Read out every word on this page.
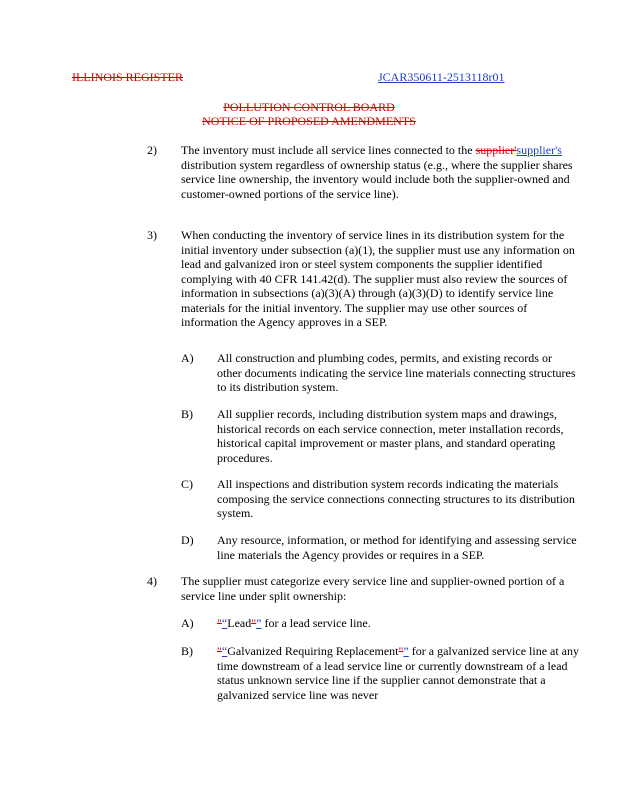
ILLINOIS REGISTER	JCAR350611-2513118r01
POLLUTION CONTROL BOARD
NOTICE OF PROPOSED AMENDMENTS
2) The inventory must include all service lines connected to the supplier'supplier's distribution system regardless of ownership status (e.g., where the supplier shares service line ownership, the inventory would include both the supplier-owned and customer-owned portions of the service line).
3) When conducting the inventory of service lines in its distribution system for the initial inventory under subsection (a)(1), the supplier must use any information on lead and galvanized iron or steel system components the supplier identified complying with 40 CFR 141.42(d). The supplier must also review the sources of information in subsections (a)(3)(A) through (a)(3)(D) to identify service line materials for the initial inventory. The supplier may use other sources of information the Agency approves in a SEP.
A) All construction and plumbing codes, permits, and existing records or other documents indicating the service line materials connecting structures to its distribution system.
B) All supplier records, including distribution system maps and drawings, historical records on each service connection, meter installation records, historical capital improvement or master plans, and standard operating procedures.
C) All inspections and distribution system records indicating the materials composing the service connections connecting structures to its distribution system.
D) Any resource, information, or method for identifying and assessing service line materials the Agency provides or requires in a SEP.
4) The supplier must categorize every service line and supplier-owned portion of a service line under split ownership:
A) "“Lead"” for a lead service line.
B) "“Galvanized Requiring Replacement"” for a galvanized service line at any time downstream of a lead service line or currently downstream of a lead status unknown service line if the supplier cannot demonstrate that a galvanized service line was never
